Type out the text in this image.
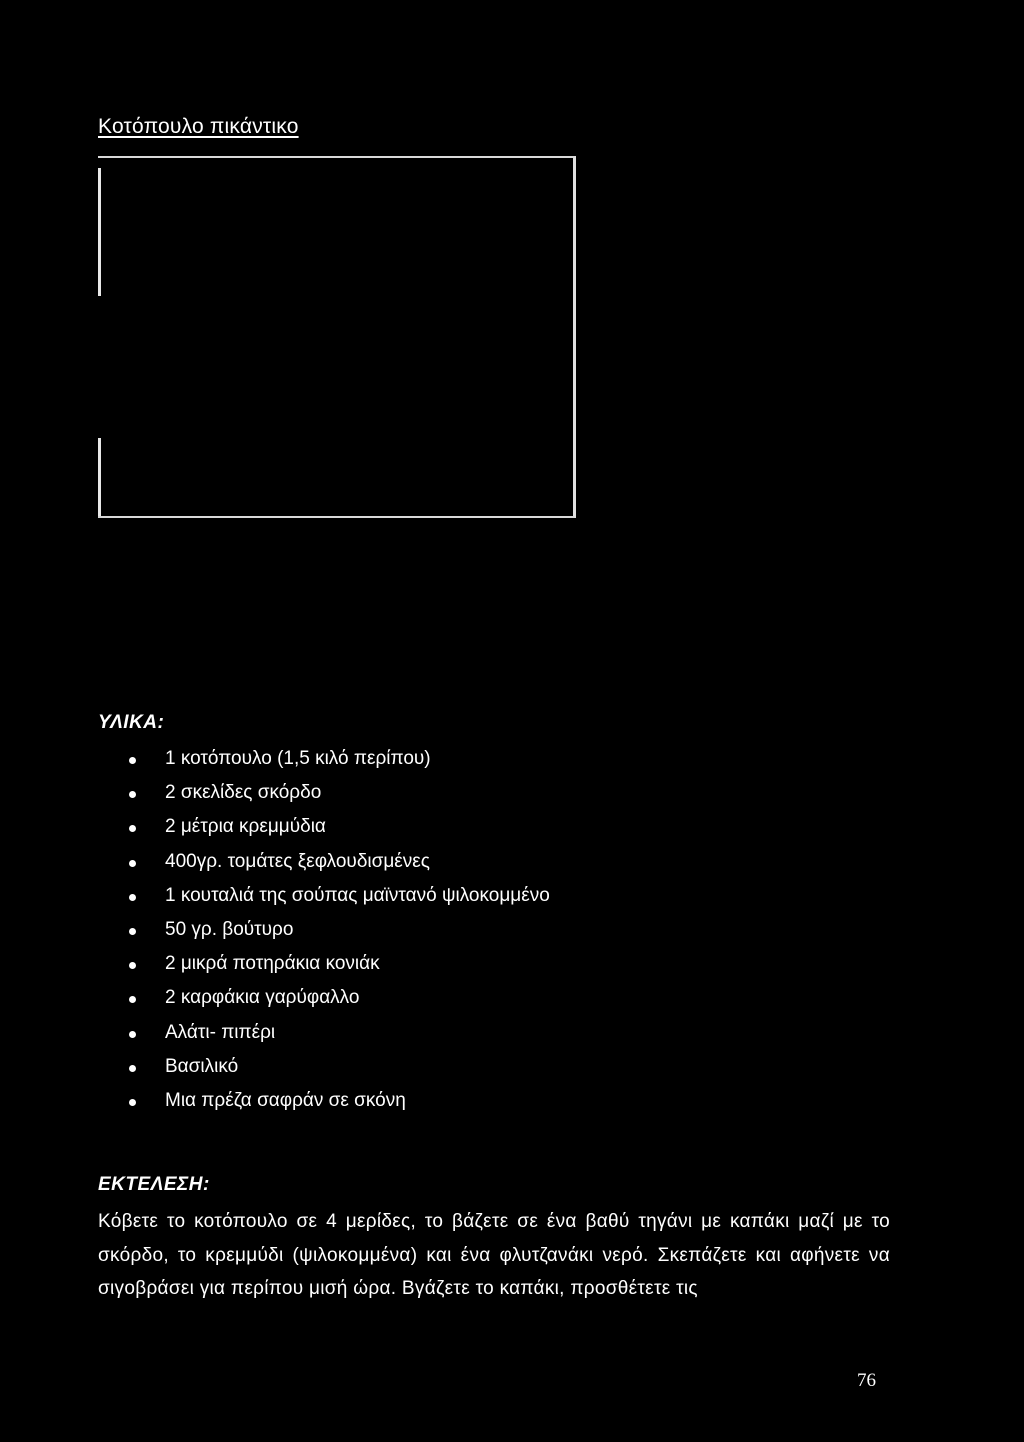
Κοτόπουλο πικάντικο
ΥΛΙΚΑ:
1 κοτόπουλο (1,5 κιλό περίπου)
2 σκελίδες σκόρδο
2 μέτρια κρεμμύδια
400γρ. τομάτες ξεφλουδισμένες
1 κουταλιά της σούπας μαϊντανό ψιλοκομμένο
50 γρ. βούτυρο
2 μικρά ποτηράκια κονιάκ
2 καρφάκια γαρύφαλλο
Αλάτι- πιπέρι
Βασιλικό
Μια πρέζα σαφράν σε σκόνη
ΕΚΤΕΛΕΣΗ:

Κόβετε το κοτόπουλο σε 4 μερίδες, το βάζετε σε ένα βαθύ τηγάνι με καπάκι μαζί με το σκόρδο, το κρεμμύδι (ψιλοκομμένα) και ένα φλυτζανάκι νερό. Σκεπάζετε και αφήνετε να σιγοβράσει για περίπου μισή ώρα. Βγάζετε το καπάκι, προσθέτετε τις

76
